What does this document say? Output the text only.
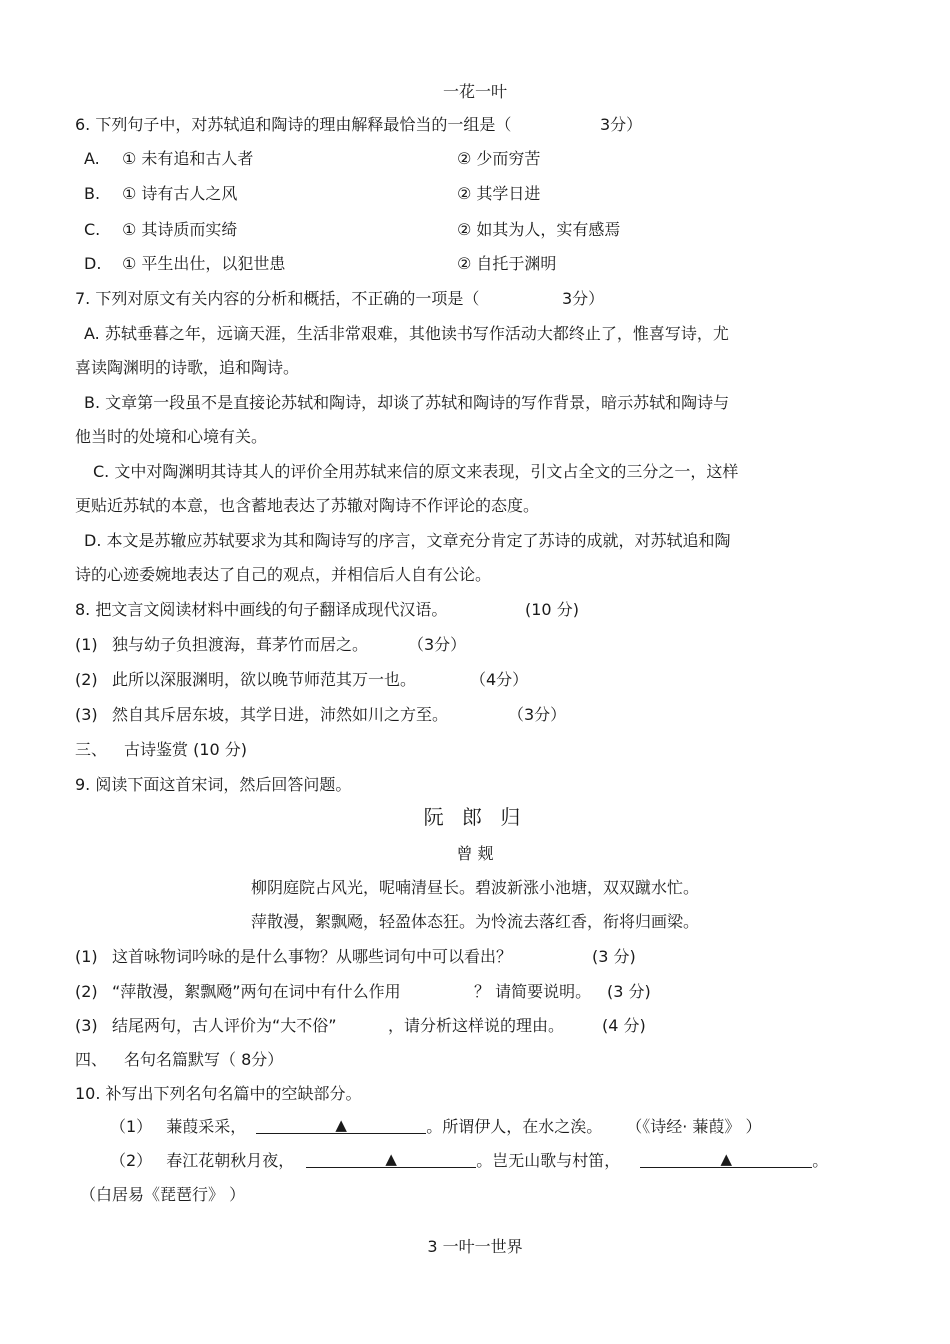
一花一叶
6. 下列句子中，对苏轼追和陶诗的理由解释最恰当的一组是（	3分）
A. ① 未有追和古人者	② 少而穷苦
B. ① 诗有古人之风	② 其学日进
C. ① 其诗质而实绮	② 如其为人，实有感焉
D. ① 平生出仕，以犯世患	② 自托于渊明
7. 下列对原文有关内容的分析和概括，不正确的一项是（	3分）
A. 苏轼垂暮之年，远谪天涯，生活非常艰难，其他读书写作活动大都终止了，惟喜写诗，尤
喜读陶渊明的诗歌，追和陶诗。
B. 文章第一段虽不是直接论苏轼和陶诗，却谈了苏轼和陶诗的写作背景，暗示苏轼和陶诗与
他当时的处境和心境有关。
C. 文中对陶渊明其诗其人的评价全用苏轼来信的原文来表现，引文占全文的三分之一，这样
更贴近苏轼的本意，也含蓄地表达了苏辙对陶诗不作评论的态度。
D. 本文是苏辙应苏轼要求为其和陶诗写的序言，文章充分肯定了苏诗的成就，对苏轼追和陶
诗的心迹委婉地表达了自己的观点，并相信后人自有公论。
8. 把文言文阅读材料中画线的句子翻译成现代汉语。	(10 分)
(1) 独与幼子负担渡海，葺茅竹而居之。 （3分）
(2) 此所以深服渊明，欲以晚节师范其万一也。	（4分）
(3) 然自其斥居东坡，其学日进，沛然如川之方至。	（3分）
三、 古诗鉴赏 (10 分)
9. 阅读下面这首宋词，然后回答问题。
阮 郎 归
曾 觌
柳阴庭院占风光，呢喃清昼长。碧波新涨小池塘，双双蹴水忙。
萍散漫，絮飘飏，轻盈体态狂。为怜流去落红香，衔将归画梁。
(1) 这首咏物词吟咏的是什么事物？从哪些词句中可以看出？	(3 分)
(2) “萍散漫，絮飘飏”两句在词中有什么作用	？ 请简要说明。 (3 分)
(3) 结尾两句，古人评价为“大不俗”	，请分析这样说的理由。 (4 分)
四、 名句名篇默写（ 8分）
10. 补写出下列名句名篇中的空缺部分。
（1） 蒹葭采采，	▲	。所谓伊人，在水之涘。 （《诗经· 蒹葭》 ）
（2） 春江花朝秋月夜，	▲	。岂无山歌与村笛，	▲	。
（白居易《琵琶行》 ）
3 一叶一世界
